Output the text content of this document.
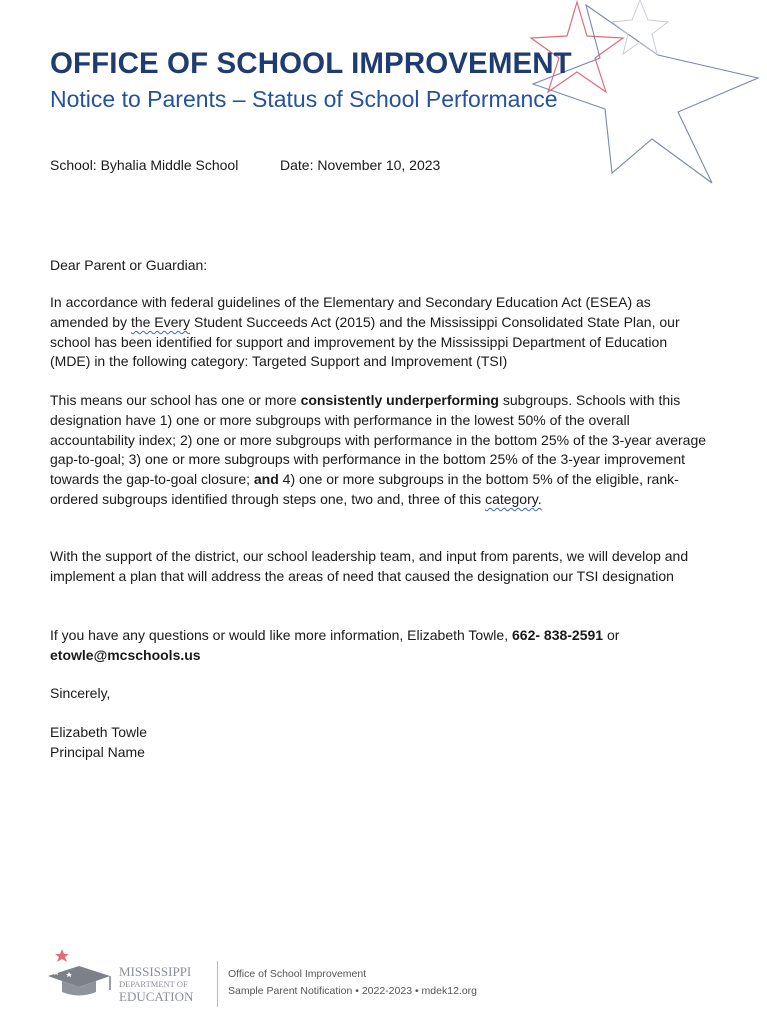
OFFICE OF SCHOOL IMPROVEMENT
Notice to Parents – Status of School Performance
School: Byhalia Middle School	Date: November 10, 2023

Dear Parent or Guardian:

In accordance with federal guidelines of the Elementary and Secondary Education Act (ESEA) as amended by the Every Student Succeeds Act (2015) and the Mississippi Consolidated State Plan, our school has been identified for support and improvement by the Mississippi Department of Education (MDE) in the following category: Targeted Support and Improvement (TSI)

This means our school has one or more consistently underperforming subgroups. Schools with this designation have 1) one or more subgroups with performance in the lowest 50% of the overall accountability index; 2) one or more subgroups with performance in the bottom 25% of the 3-year average gap-to-goal; 3) one or more subgroups with performance in the bottom 25% of the 3-year improvement towards the gap-to-goal closure; and 4) one or more subgroups in the bottom 5% of the eligible, rank-ordered subgroups identified through steps one, two and, three of this category.

With the support of the district, our school leadership team, and input from parents, we will develop and implement a plan that will address the areas of need that caused the designation our TSI designation

If you have any questions or would like more information, Elizabeth Towle, 662- 838-2591 or
etowle@mcschools.us

Sincerely,

Elizabeth Towle

Principal Name

MISSISSIPPI
DEPARTMENT OF
EDUCATION
Office of School Improvement
Sample Parent Notification • 2022-2023 • mdek12.org
